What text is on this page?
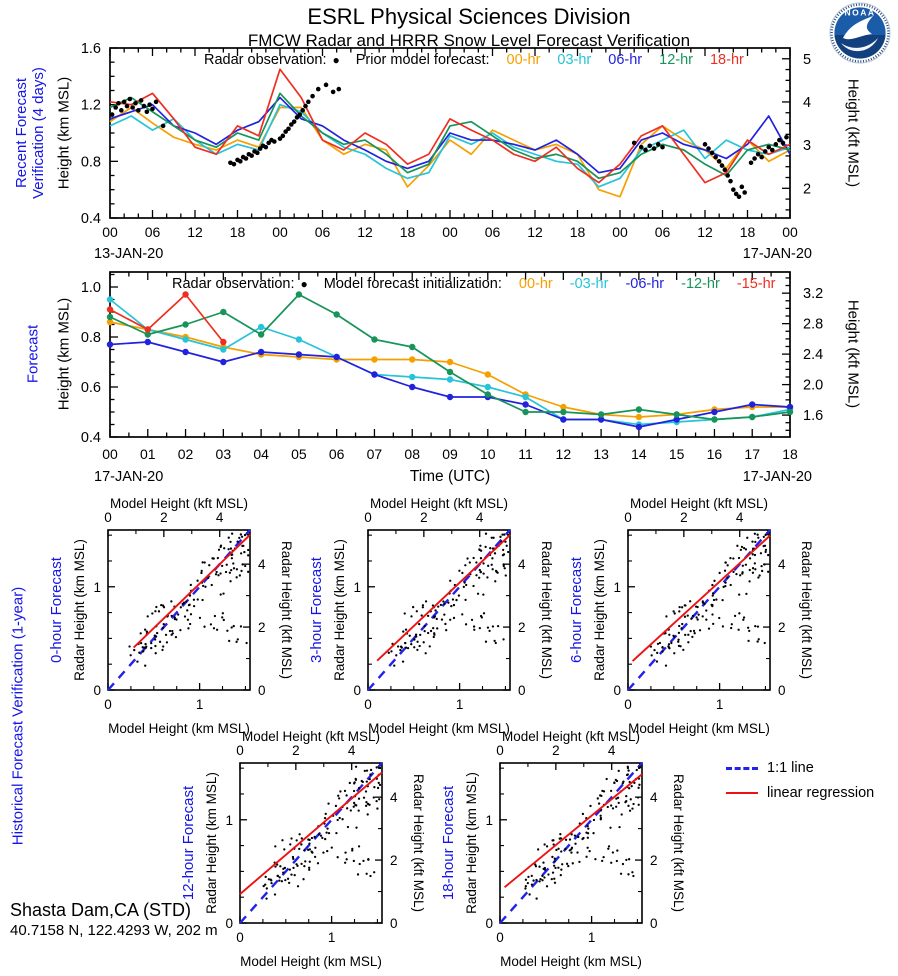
ESRL Physical Sciences Division
FMCW Radar and HRRR Snow Level Forecast Verification
NOAA
Recent Forecast Verification (4 days) Height (km MSL)	Height (kft MSL)
00 06 12 18 00 06 12 18 00 06 12 18 00 06 12 18 00
0.4
0.8
1.2
1.6
2
3
4
5
13-JAN-20	17-JAN-20
Radar observation: ● Prior model forecast: 00-hr 03-hr 06-hr 12-hr 18-hr
Forecast Height (km MSL)	Height (kft MSL)
00 01 02 03 04 05 06 07 08 09 10 11 12 13 14 15 16 17 18
0.4
0.6
0.8
1.0
1.6
2.0
2.4
2.8
3.2
17-JAN-20	17-JAN-20
Time (UTC)
Radar observation: ● Model forecast initialization: 00-hr -03-hr -06-hr -12-hr -15-hr
Historical Forecast Verification (1-year)	0
0
1
1
0
0
2
2
4
4
Model Height (kft MSL)
Model Height (km MSL)
0-hour Forecast Radar Height (km MSL)	Radar Height (kft MSL)
0
0
1
1
0
0
2
2
4
4
Model Height (kft MSL)
Model Height (km MSL)
3-hour Forecast Radar Height (km MSL)	Radar Height (kft MSL)
0
0
1
1
0
0
2
2
4
4
Model Height (kft MSL)
Model Height (km MSL)
6-hour Forecast Radar Height (km MSL)	Radar Height (kft MSL)
0
0
1
1
0
0
2
2
4
4
Model Height (kft MSL)
Model Height (km MSL)
12-hour Forecast Radar Height (km MSL)	Radar Height (kft MSL)
0
0
1
1
0
0
2
2
4
4
Model Height (kft MSL)
Model Height (km MSL)
18-hour Forecast Radar Height (km MSL)	Radar Height (kft MSL)
1:1 line
linear regression
Shasta Dam,CA (STD)
40.7158 N, 122.4293 W, 202 m
